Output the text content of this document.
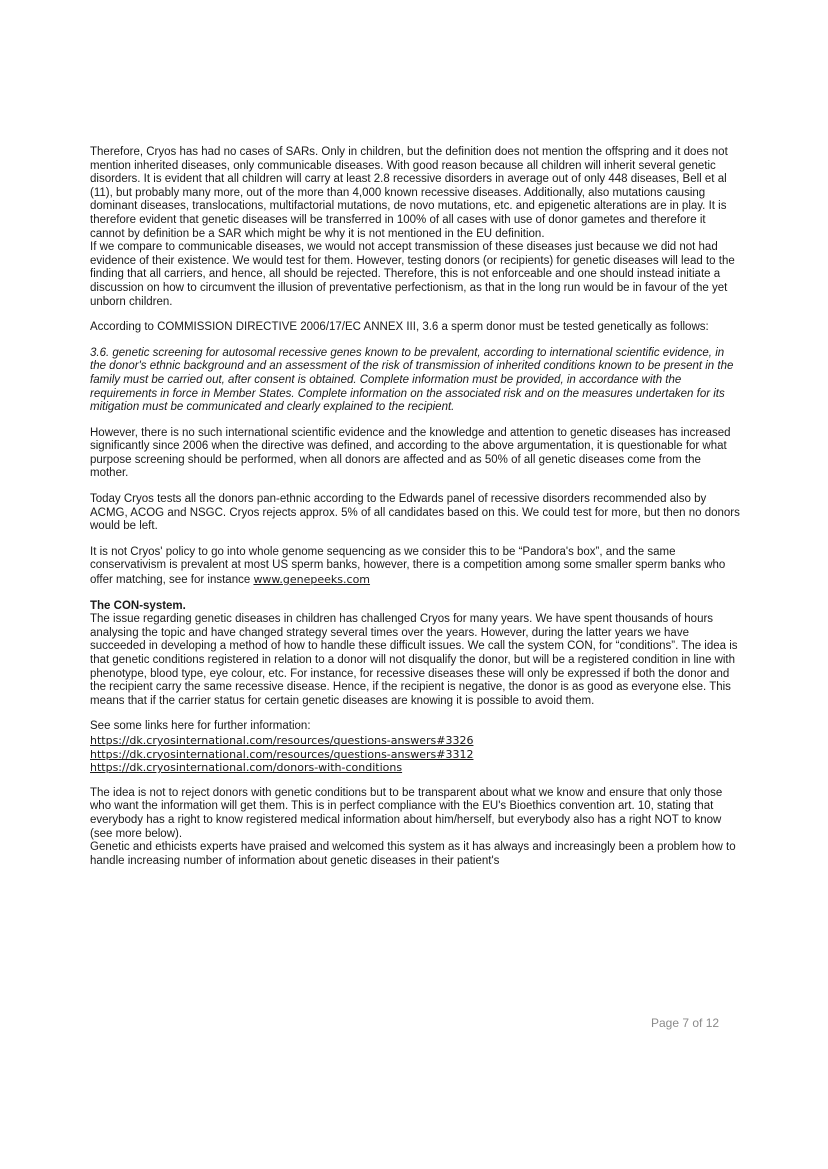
Therefore, Cryos has had no cases of SARs. Only in children, but the definition does not mention the offspring and it does not mention inherited diseases, only communicable diseases. With good reason because all children will inherit several genetic disorders. It is evident that all children will carry at least 2.8 recessive disorders in average out of only 448 diseases, Bell et al (11), but probably many more, out of the more than 4,000 known recessive diseases. Additionally, also mutations causing dominant diseases, translocations, multifactorial mutations, de novo mutations, etc. and epigenetic alterations are in play. It is therefore evident that genetic diseases will be transferred in 100% of all cases with use of donor gametes and therefore it cannot by definition be a SAR which might be why it is not mentioned in the EU definition.

If we compare to communicable diseases, we would not accept transmission of these diseases just because we did not had evidence of their existence. We would test for them. However, testing donors (or recipients) for genetic diseases will lead to the finding that all carriers, and hence, all should be rejected. Therefore, this is not enforceable and one should instead initiate a discussion on how to circumvent the illusion of preventative perfectionism, as that in the long run would be in favour of the yet unborn children.

According to COMMISSION DIRECTIVE 2006/17/EC ANNEX III, 3.6 a sperm donor must be tested genetically as follows:

3.6. genetic screening for autosomal recessive genes known to be prevalent, according to international scientific evidence, in the donor's ethnic background and an assessment of the risk of transmission of inherited conditions known to be present in the family must be carried out, after consent is obtained. Complete information must be provided, in accordance with the requirements in force in Member States. Complete information on the associated risk and on the measures undertaken for its mitigation must be communicated and clearly explained to the recipient.

However, there is no such international scientific evidence and the knowledge and attention to genetic diseases has increased significantly since 2006 when the directive was defined, and according to the above argumentation, it is questionable for what purpose screening should be performed, when all donors are affected and as 50% of all genetic diseases come from the mother.

Today Cryos tests all the donors pan-ethnic according to the Edwards panel of recessive disorders recommended also by ACMG, ACOG and NSGC. Cryos rejects approx. 5% of all candidates based on this. We could test for more, but then no donors would be left.

It is not Cryos' policy to go into whole genome sequencing as we consider this to be “Pandora's box”, and the same conservativism is prevalent at most US sperm banks, however, there is a competition among some smaller sperm banks who offer matching, see for instance www.genepeeks.com

The CON-system.
The issue regarding genetic diseases in children has challenged Cryos for many years. We have spent thousands of hours analysing the topic and have changed strategy several times over the years. However, during the latter years we have succeeded in developing a method of how to handle these difficult issues. We call the system CON, for “conditions”. The idea is that genetic conditions registered in relation to a donor will not disqualify the donor, but will be a registered condition in line with phenotype, blood type, eye colour, etc. For instance, for recessive diseases these will only be expressed if both the donor and the recipient carry the same recessive disease. Hence, if the recipient is negative, the donor is as good as everyone else. This means that if the carrier status for certain genetic diseases are knowing it is possible to avoid them.

See some links here for further information:
https://dk.cryosinternational.com/resources/questions-answers#3326
https://dk.cryosinternational.com/resources/questions-answers#3312
https://dk.cryosinternational.com/donors-with-conditions

The idea is not to reject donors with genetic conditions but to be transparent about what we know and ensure that only those who want the information will get them. This is in perfect compliance with the EU's Bioethics convention art. 10, stating that everybody has a right to know registered medical information about him/herself, but everybody also has a right NOT to know (see more below).

Genetic and ethicists experts have praised and welcomed this system as it has always and increasingly been a problem how to handle increasing number of information about genetic diseases in their patient's

Page 7 of 12
